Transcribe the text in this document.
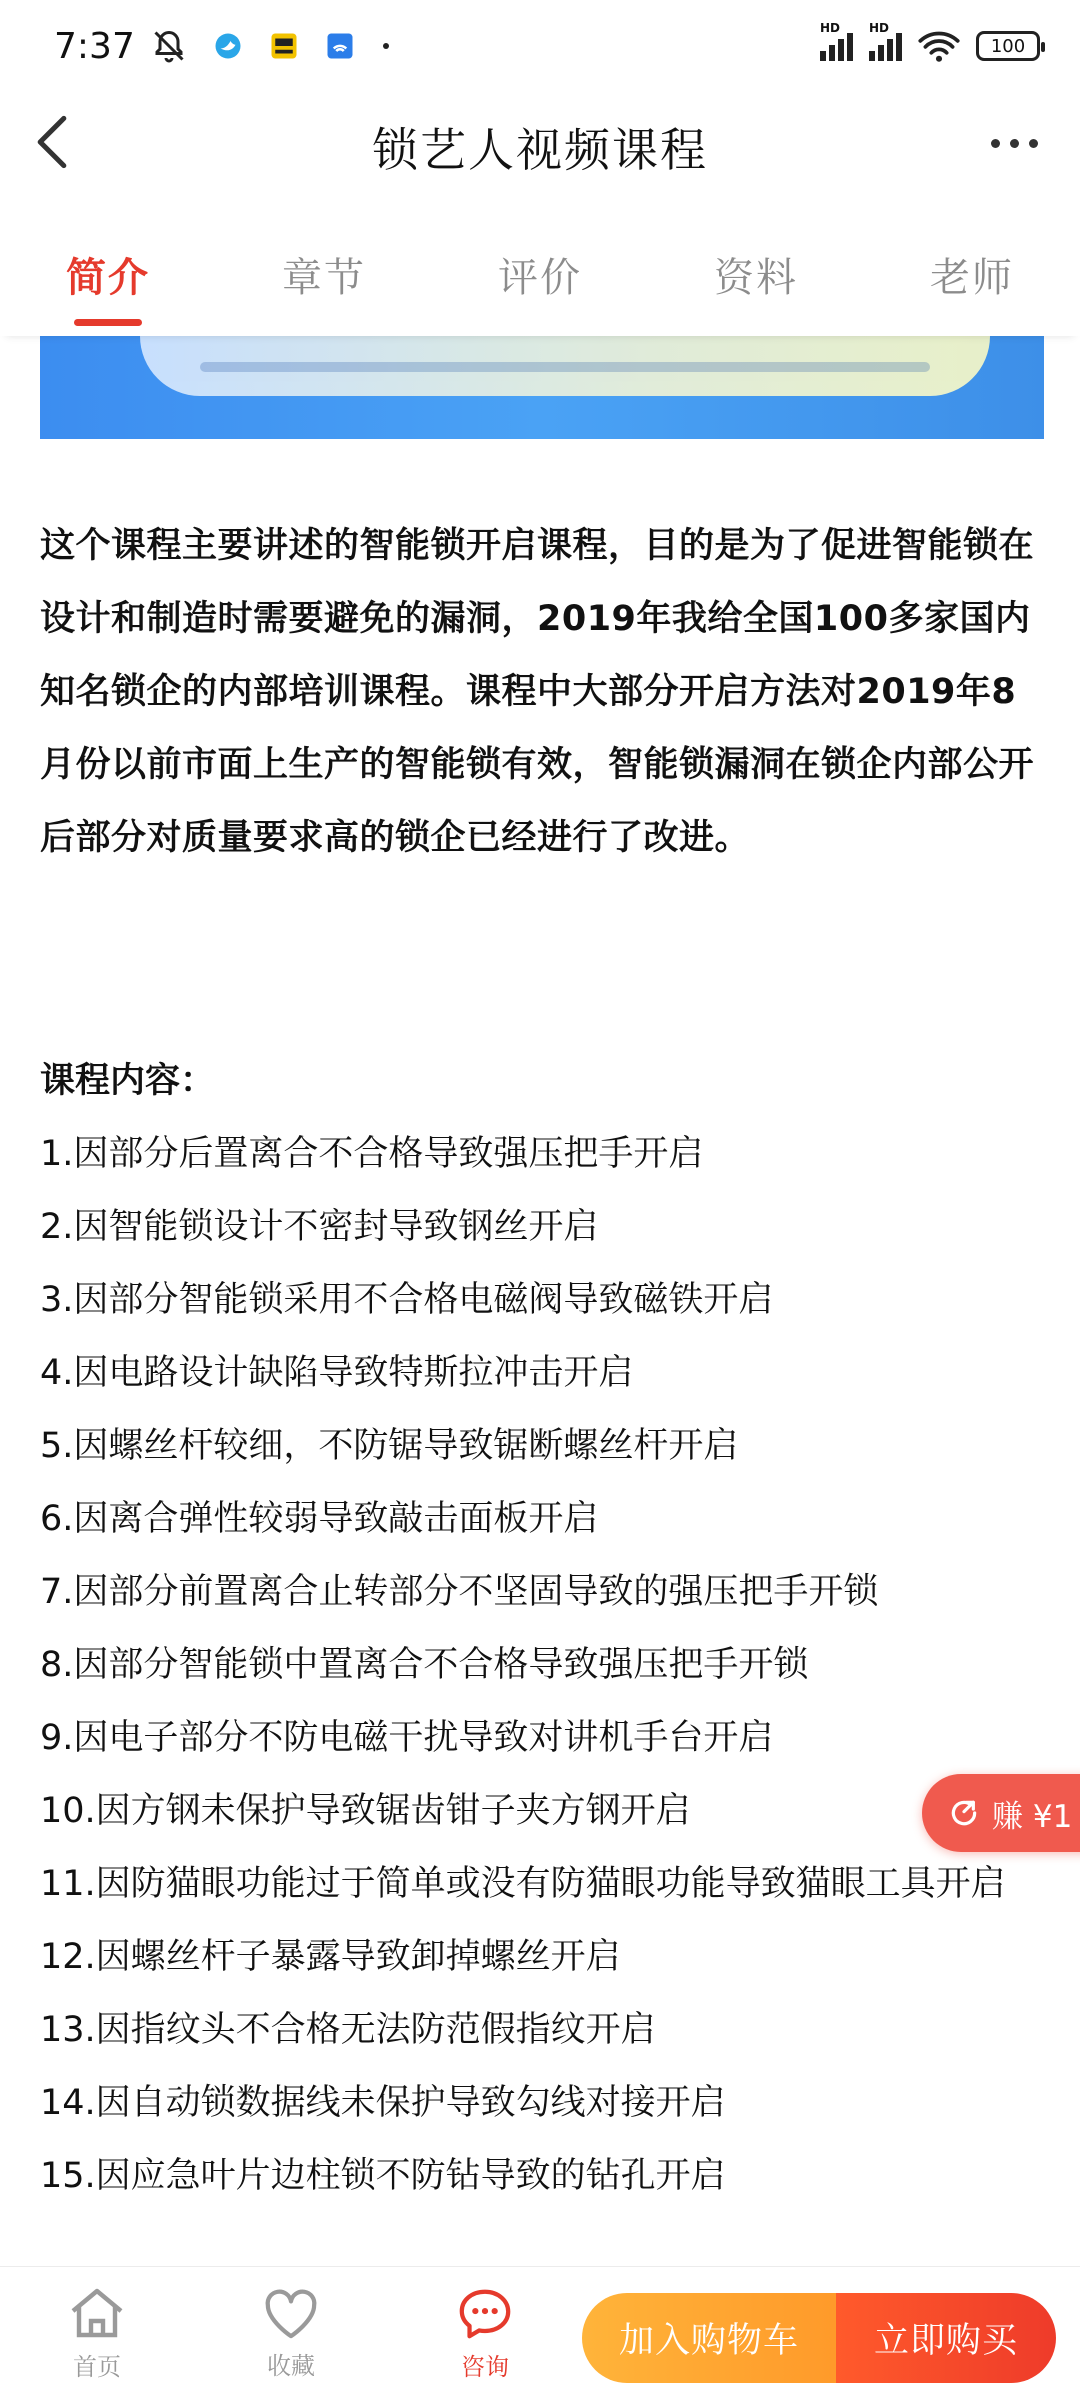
7:37	HD HD
100
锁艺人视频课程
简介	章节	评价	资料	老师

这个课程主要讲述的智能锁开启课程，目的是为了促进智能锁在设计和制造时需要避免的漏洞，2019年我给全国100多家国内知名锁企的内部培训课程。课程中大部分开启方法对2019年8月份以前市面上生产的智能锁有效，智能锁漏洞在锁企内部公开后部分对质量要求高的锁企已经进行了改进。

课程内容：

1.因部分后置离合不合格导致强压把手开启
2.因智能锁设计不密封导致钢丝开启
3.因部分智能锁采用不合格电磁阀导致磁铁开启
4.因电路设计缺陷导致特斯拉冲击开启
5.因螺丝杆较细，不防锯导致锯断螺丝杆开启
6.因离合弹性较弱导致敲击面板开启
7.因部分前置离合止转部分不坚固导致的强压把手开锁
8.因部分智能锁中置离合不合格导致强压把手开锁
9.因电子部分不防电磁干扰导致对讲机手台开启
10.因方钢未保护导致锯齿钳子夹方钢开启
11.因防猫眼功能过于简单或没有防猫眼功能导致猫眼工具开启
12.因螺丝杆子暴露导致卸掉螺丝开启
13.因指纹头不合格无法防范假指纹开启
14.因自动锁数据线未保护导致勾线对接开启
15.因应急叶片边柱锁不防钻导致的钻孔开启
赚 ¥1
首页	收藏	咨询
加入购物车	立即购买
